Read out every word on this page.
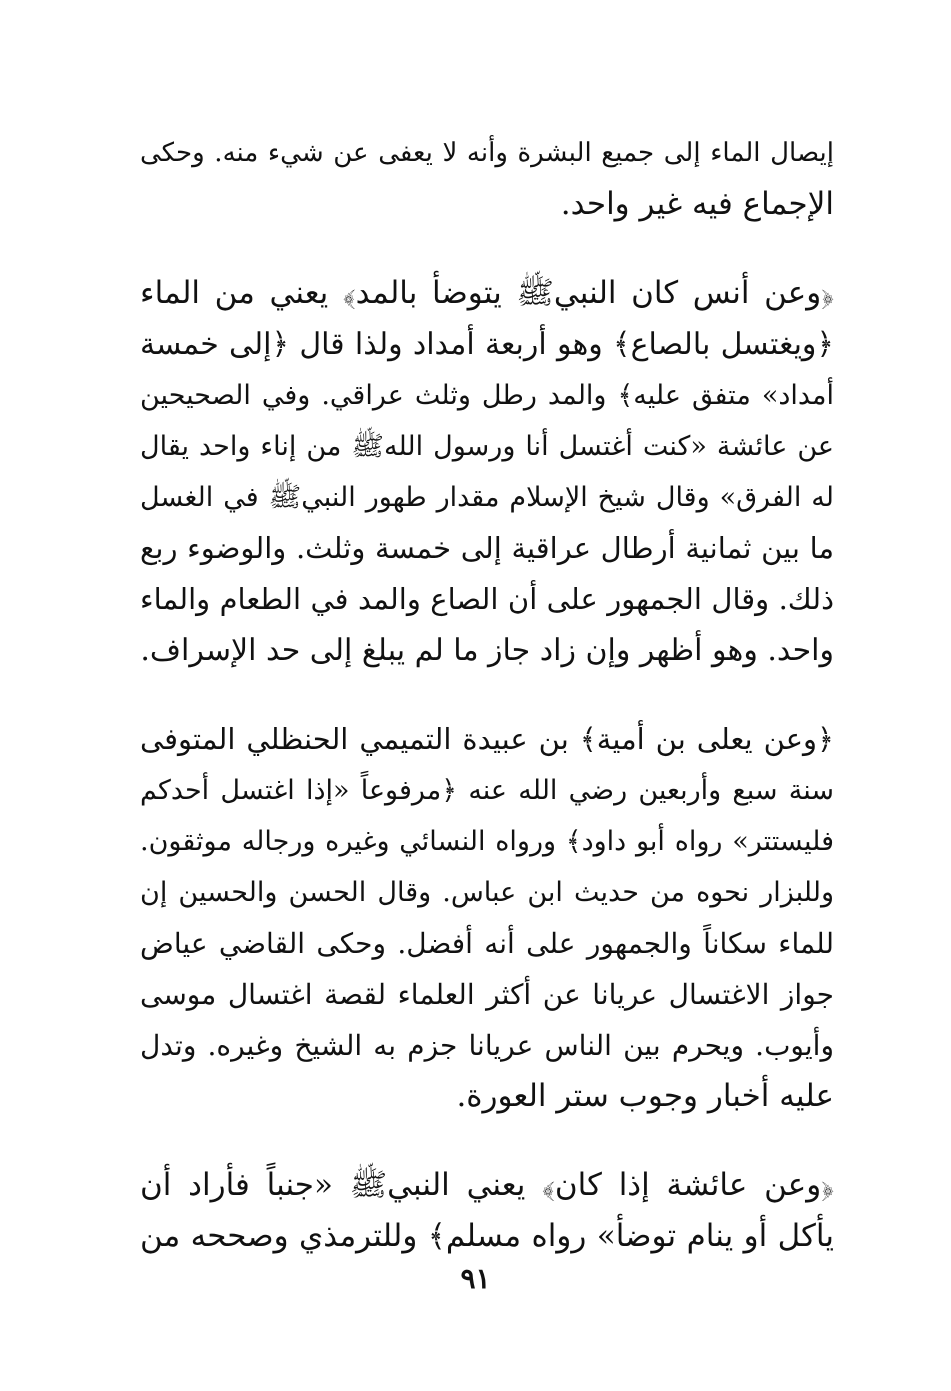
إيصال الماء إلى جميع البشرة وأنه لا يعفى عن شيء منه. وحكى
الإجماع فيه غير واحد.

﴿وعن أنس كان النبيﷺ يتوضأ بالمد﴾ يعني من الماء
﴿ويغتسل بالصاع﴾ وهو أربعة أمداد ولذا قال ﴿إلى خمسة
أمداد» متفق عليه﴾ والمد رطل وثلث عراقي. وفي الصحيحين
عن عائشة «كنت أغتسل أنا ورسول اللهﷺ من إناء واحد يقال
له الفرق» وقال شيخ الإسلام مقدار طهور النبيﷺ في الغسل
ما بين ثمانية أرطال عراقية إلى خمسة وثلث. والوضوء ربع
ذلك. وقال الجمهور على أن الصاع والمد في الطعام والماء
واحد. وهو أظهر وإن زاد جاز ما لم يبلغ إلى حد الإسراف.

﴿وعن يعلى بن أمية﴾ بن عبيدة التميمي الحنظلي المتوفى
سنة سبع وأربعين رضي الله عنه ﴿مرفوعاً «إذا اغتسل أحدكم
فليستتر» رواه أبو داود﴾ ورواه النسائي وغيره ورجاله موثقون.
وللبزار نحوه من حديث ابن عباس. وقال الحسن والحسين إن
للماء سكاناً والجمهور على أنه أفضل. وحكى القاضي عياض
جواز الاغتسال عريانا عن أكثر العلماء لقصة اغتسال موسى
وأيوب. ويحرم بين الناس عريانا جزم به الشيخ وغيره. وتدل
عليه أخبار وجوب ستر العورة.

﴿وعن عائشة إذا كان﴾ يعني النبيﷺ «جنباً فأراد أن
يأكل أو ينام توضأ» رواه مسلم﴾ وللترمذي وصححه من

٩١
